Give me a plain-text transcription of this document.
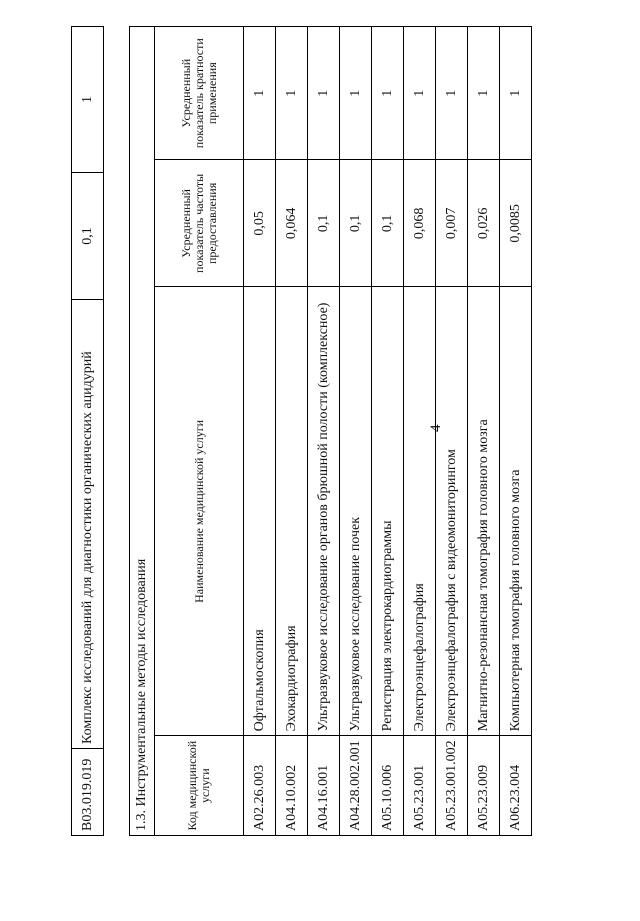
4
B03.019.019	Комплекс исследований для диагностики органических ацидурий	0,1	1
1.3. Инструментальные методы исследования			
Код медицинской услуги	Наименование медицинской услуги	Усредненный показатель частоты предоставления	Усредненный показатель кратности применения
A02.26.003	Офтальмоскопия	0,05	1
A04.10.002	Эхокардиография	0,064	1
A04.16.001	Ультразвуковое исследование органов брюшной полости (комплексное)	0,1	1
A04.28.002.001	Ультразвуковое исследование почек	0,1	1
A05.10.006	Регистрация электрокардиограммы	0,1	1
A05.23.001	Электроэнцефалография	0,068	1
A05.23.001.002	Электроэнцефалография с видеомониторингом	0,007	1
A05.23.009	Магнитно-резонансная томография головного мозга	0,026	1
A06.23.004	Компьютерная томография головного мозга	0,0085	1
